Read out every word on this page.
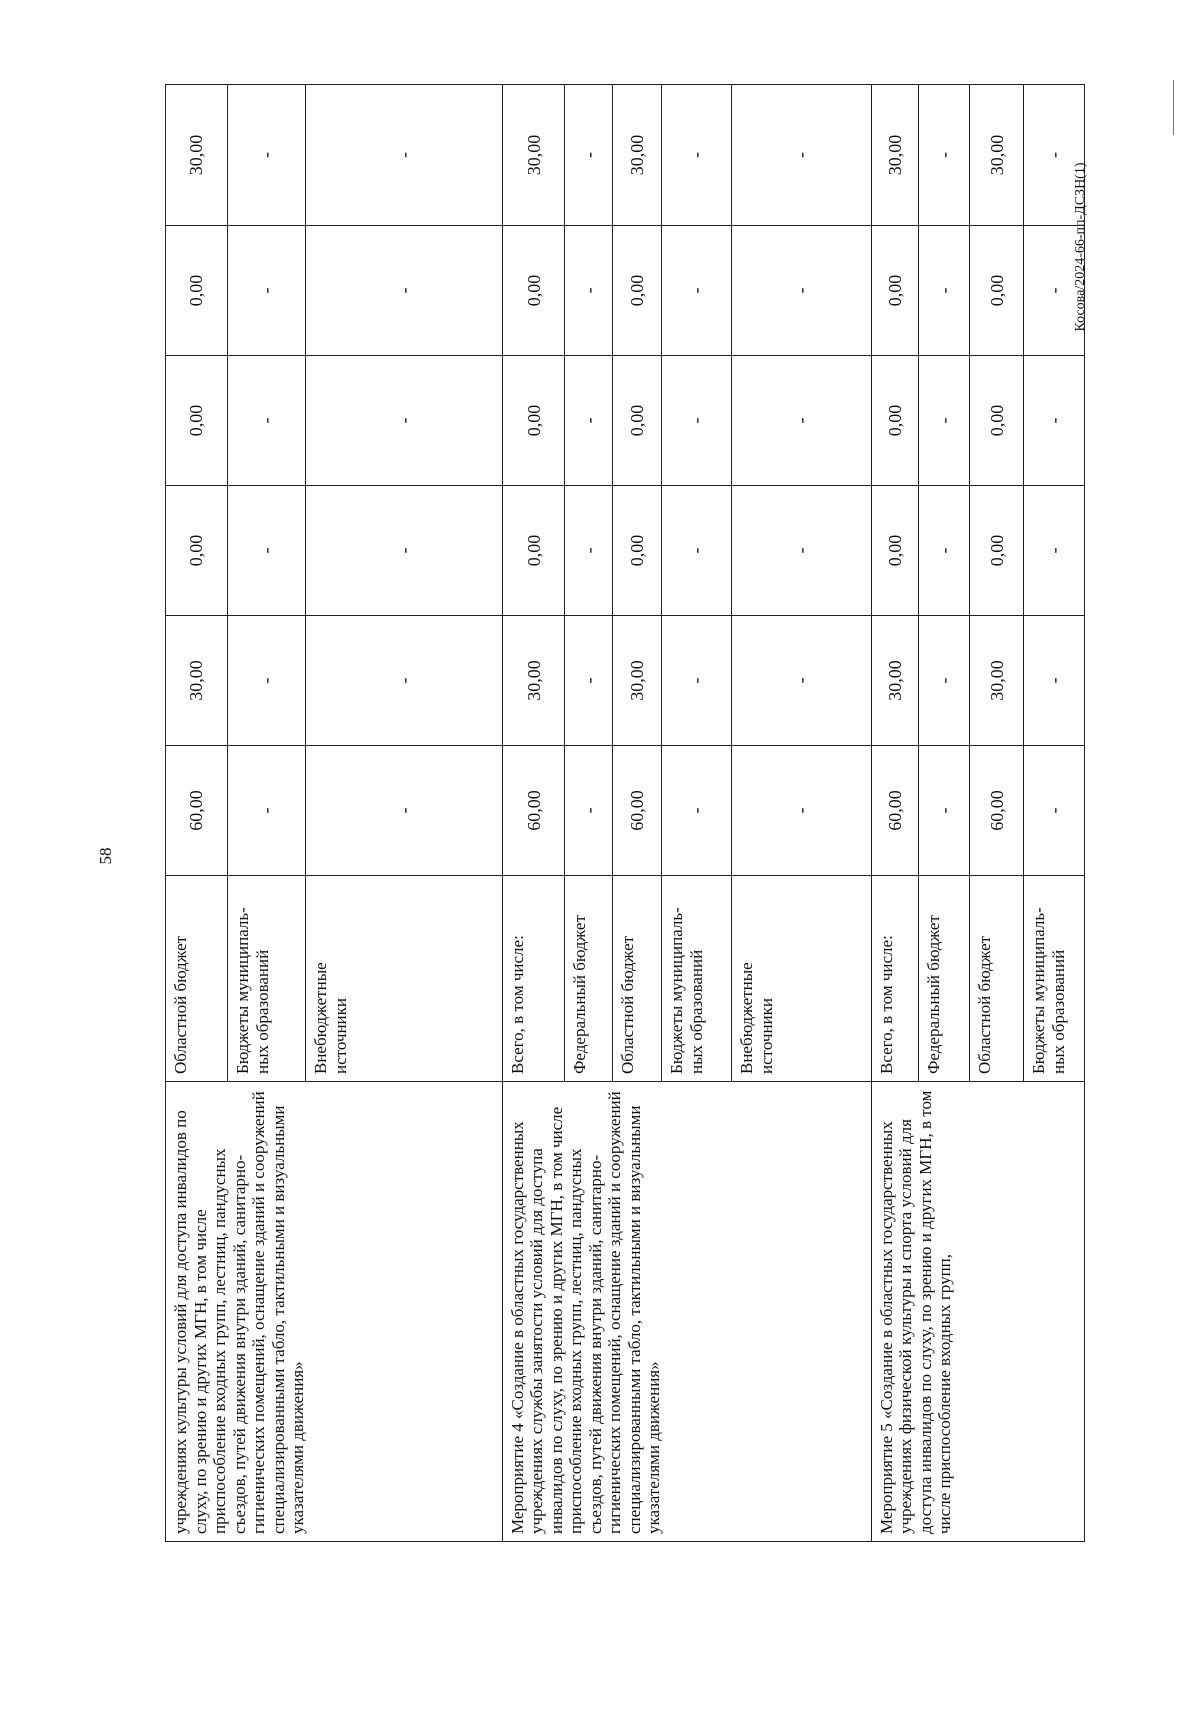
58
Косова/2024-66-пп-ДСЗН(1)
учреждениях культуры условий для доступа инвалидов по слуху, по зрению и других МГН, в том числе приспособление входных групп, лестниц, пандусных съездов, путей движения внутри зданий, санитарно-гигиенических помещений, оснащение зданий и сооружений специализированными табло, тактильными и визуальными указателями движения»	Областной бюджет	60,00	30,00	0,00	0,00	0,00	30,00
	Бюджеты муниципаль-ных образований	-	-	-	-	-	-
	Внебюджетные источники	-	-	-	-	-	-
Мероприятие 4 «Создание в областных государственных учреждениях службы занятости условий для доступа инвалидов по слуху, по зрению и других МГН, в том числе приспособление входных групп, лестниц, пандусных съездов, путей движения внутри зданий, санитарно-гигиенических помещений, оснащение зданий и сооружений специализированными табло, тактильными и визуальными указателями движения»	Всего, в том числе:	60,00	30,00	0,00	0,00	0,00	30,00
	Федеральный бюджет	-	-	-	-	-	-
	Областной бюджет	60,00	30,00	0,00	0,00	0,00	30,00
	Бюджеты муниципаль-ных образований	-	-	-	-	-	-
	Внебюджетные источники	-	-	-	-	-	-
Мероприятие 5 «Создание в областных государственных учреждениях физической культуры и спорта условий для доступа инвалидов по слуху, по зрению и других МГН, в том числе приспособление входных групп,	Всего, в том числе:	60,00	30,00	0,00	0,00	0,00	30,00
	Федеральный бюджет	-	-	-	-	-	-
	Областной бюджет	60,00	30,00	0,00	0,00	0,00	30,00
	Бюджеты муниципаль-ных образований	-	-	-	-	-	-
